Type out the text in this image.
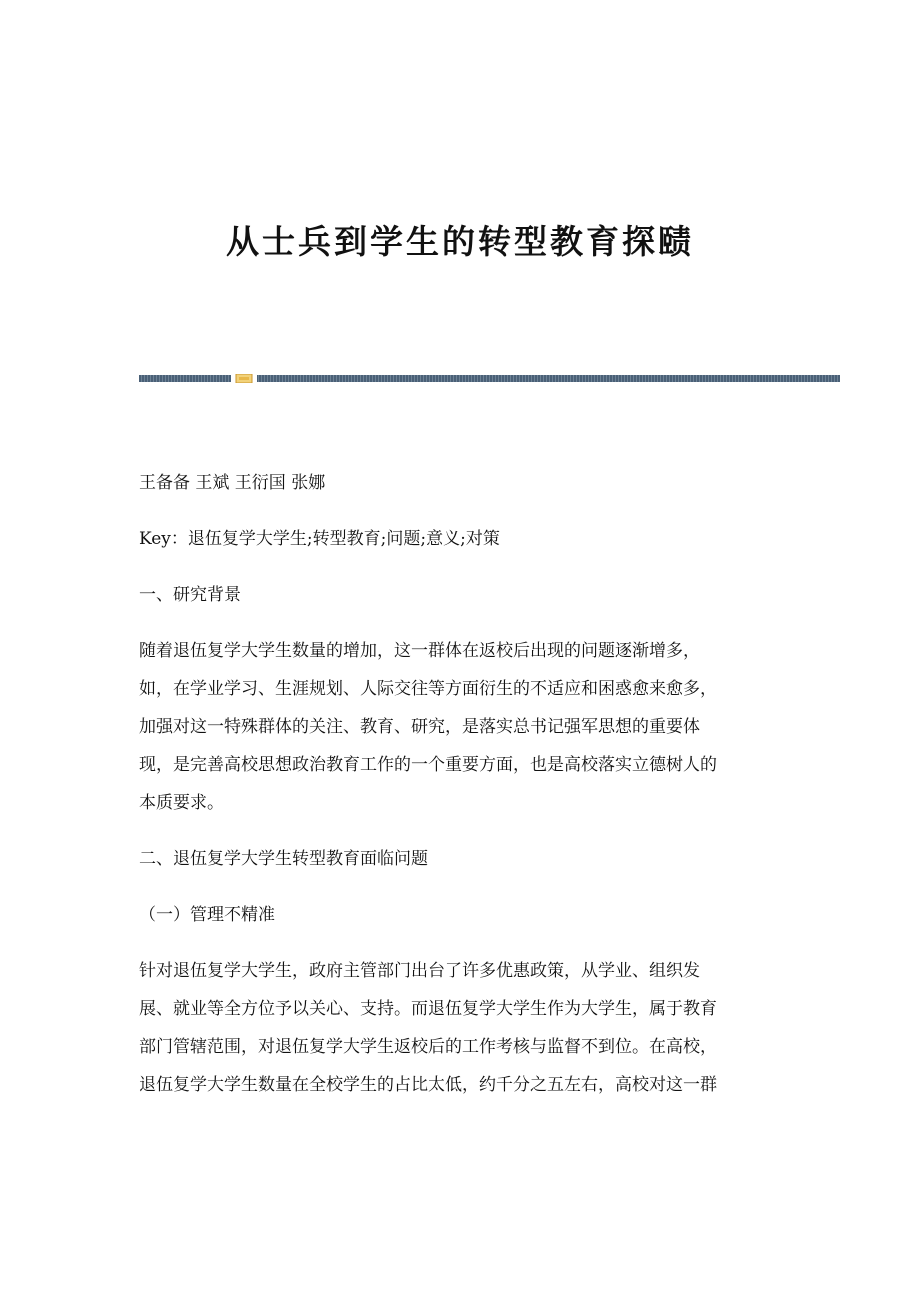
从士兵到学生的转型教育探赜

王备备 王斌 王衍国 张娜

Key：退伍复学大学生;转型教育;问题;意义;对策

一、研究背景

随着退伍复学大学生数量的增加，这一群体在返校后出现的问题逐渐增多，
如，在学业学习、生涯规划、人际交往等方面衍生的不适应和困惑愈来愈多，
加强对这一特殊群体的关注、教育、研究，是落实总书记强军思想的重要体
现，是完善高校思想政治教育工作的一个重要方面，也是高校落实立德树人的
本质要求。

二、退伍复学大学生转型教育面临问题

（一）管理不精准

针对退伍复学大学生，政府主管部门出台了许多优惠政策，从学业、组织发
展、就业等全方位予以关心、支持。而退伍复学大学生作为大学生，属于教育
部门管辖范围，对退伍复学大学生返校后的工作考核与监督不到位。在高校，
退伍复学大学生数量在全校学生的占比太低，约千分之五左右，高校对这一群
